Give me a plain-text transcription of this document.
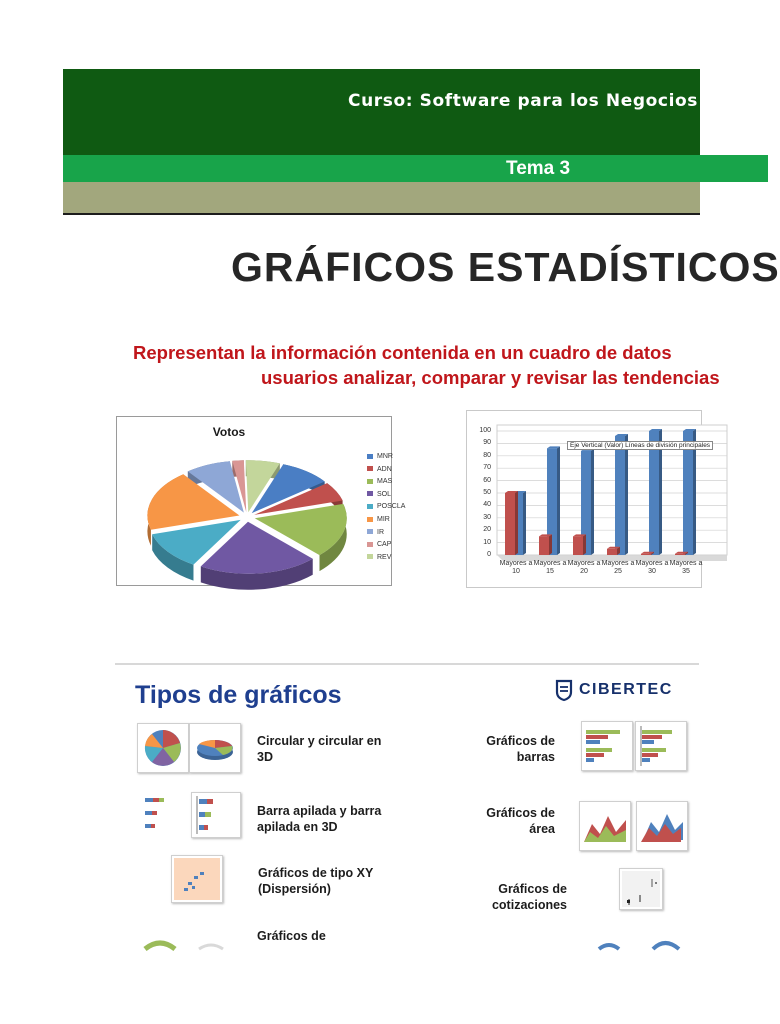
Curso: Software para los Negocios
Tema 3
GRÁFICOS ESTADÍSTICOS
Representan la información contenida en un cuadro de datos
usuarios analizar, comparar y revisar las tendencias
Votos
MNR
ADN
MAS
SOL
POSCLA
MIR
IR
CAP
REV
100
90
80
70
60
50
40
30
20
10
0
Mayores a 10
Mayores a 15
Mayores a 20
Mayores a 25
Mayores a 30
Mayores a 35
Eje Vertical (Valor) Líneas de división principales
Tipos de gráficos	CIBERTEC
Circular y circular en
3D
Gráficos de
barras
Barra apilada y barra
apilada en 3D
Gráficos de
área
Gráficos de tipo XY
(Dispersión)	Gráficos de
cotizaciones
Gráficos de
